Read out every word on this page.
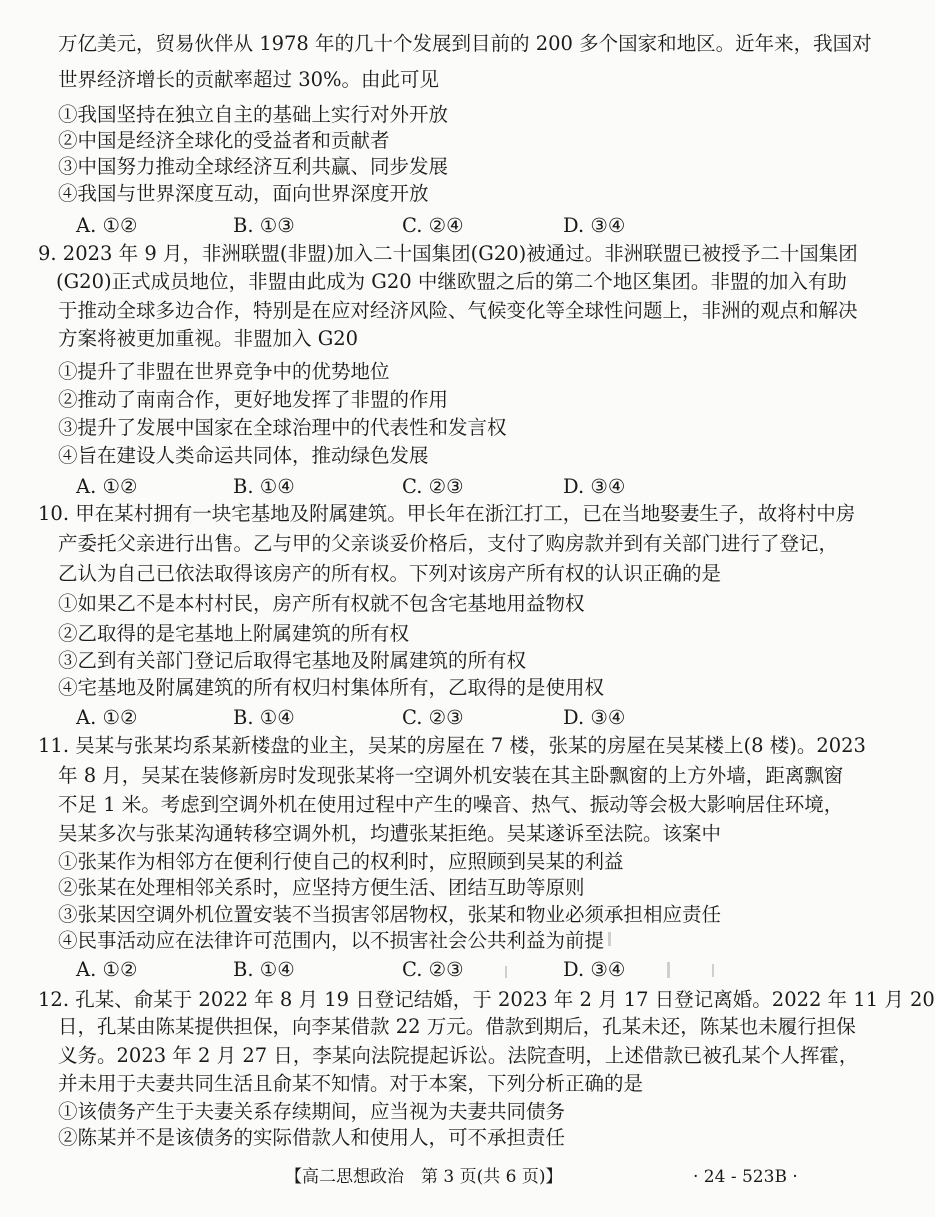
万亿美元，贸易伙伴从 1978 年的几十个发展到目前的 200 多个国家和地区。近年来，我国对
世界经济增长的贡献率超过 30%。由此可见
①我国坚持在独立自主的基础上实行对外开放
②中国是经济全球化的受益者和贡献者
③中国努力推动全球经济互利共赢、同步发展
④我国与世界深度互动，面向世界深度开放
A. ①②	B. ①③	C. ②④	D. ③④
9. 2023 年 9 月，非洲联盟(非盟)加入二十国集团(G20)被通过。非洲联盟已被授予二十国集团
(G20)正式成员地位，非盟由此成为 G20 中继欧盟之后的第二个地区集团。非盟的加入有助
于推动全球多边合作，特别是在应对经济风险、气候变化等全球性问题上，非洲的观点和解决
方案将被更加重视。非盟加入 G20
①提升了非盟在世界竞争中的优势地位
②推动了南南合作，更好地发挥了非盟的作用
③提升了发展中国家在全球治理中的代表性和发言权
④旨在建设人类命运共同体，推动绿色发展
A. ①②	B. ①④	C. ②③	D. ③④
10. 甲在某村拥有一块宅基地及附属建筑。甲长年在浙江打工，已在当地娶妻生子，故将村中房
产委托父亲进行出售。乙与甲的父亲谈妥价格后，支付了购房款并到有关部门进行了登记，
乙认为自己已依法取得该房产的所有权。下列对该房产所有权的认识正确的是
①如果乙不是本村村民，房产所有权就不包含宅基地用益物权
②乙取得的是宅基地上附属建筑的所有权
③乙到有关部门登记后取得宅基地及附属建筑的所有权
④宅基地及附属建筑的所有权归村集体所有，乙取得的是使用权
A. ①②	B. ①④	C. ②③	D. ③④
11. 吴某与张某均系某新楼盘的业主，吴某的房屋在 7 楼，张某的房屋在吴某楼上(8 楼)。2023
年 8 月，吴某在装修新房时发现张某将一空调外机安装在其主卧飘窗的上方外墙，距离飘窗
不足 1 米。考虑到空调外机在使用过程中产生的噪音、热气、振动等会极大影响居住环境，
吴某多次与张某沟通转移空调外机，均遭张某拒绝。吴某遂诉至法院。该案中
①张某作为相邻方在便利行使自己的权利时，应照顾到吴某的利益
②张某在处理相邻关系时，应坚持方便生活、团结互助等原则
③张某因空调外机位置安装不当损害邻居物权，张某和物业必须承担相应责任
④民事活动应在法律许可范围内，以不损害社会公共利益为前提
A. ①②	B. ①④	C. ②③	D. ③④
12. 孔某、俞某于 2022 年 8 月 19 日登记结婚，于 2023 年 2 月 17 日登记离婚。2022 年 11 月 20
日，孔某由陈某提供担保，向李某借款 22 万元。借款到期后，孔某未还，陈某也未履行担保
义务。2023 年 2 月 27 日，李某向法院提起诉讼。法院查明，上述借款已被孔某个人挥霍，
并未用于夫妻共同生活且俞某不知情。对于本案，下列分析正确的是
①该债务产生于夫妻关系存续期间，应当视为夫妻共同债务
②陈某并不是该债务的实际借款人和使用人，可不承担责任
【高二思想政治　第 3 页(共 6 页)】	· 24 - 523B ·
